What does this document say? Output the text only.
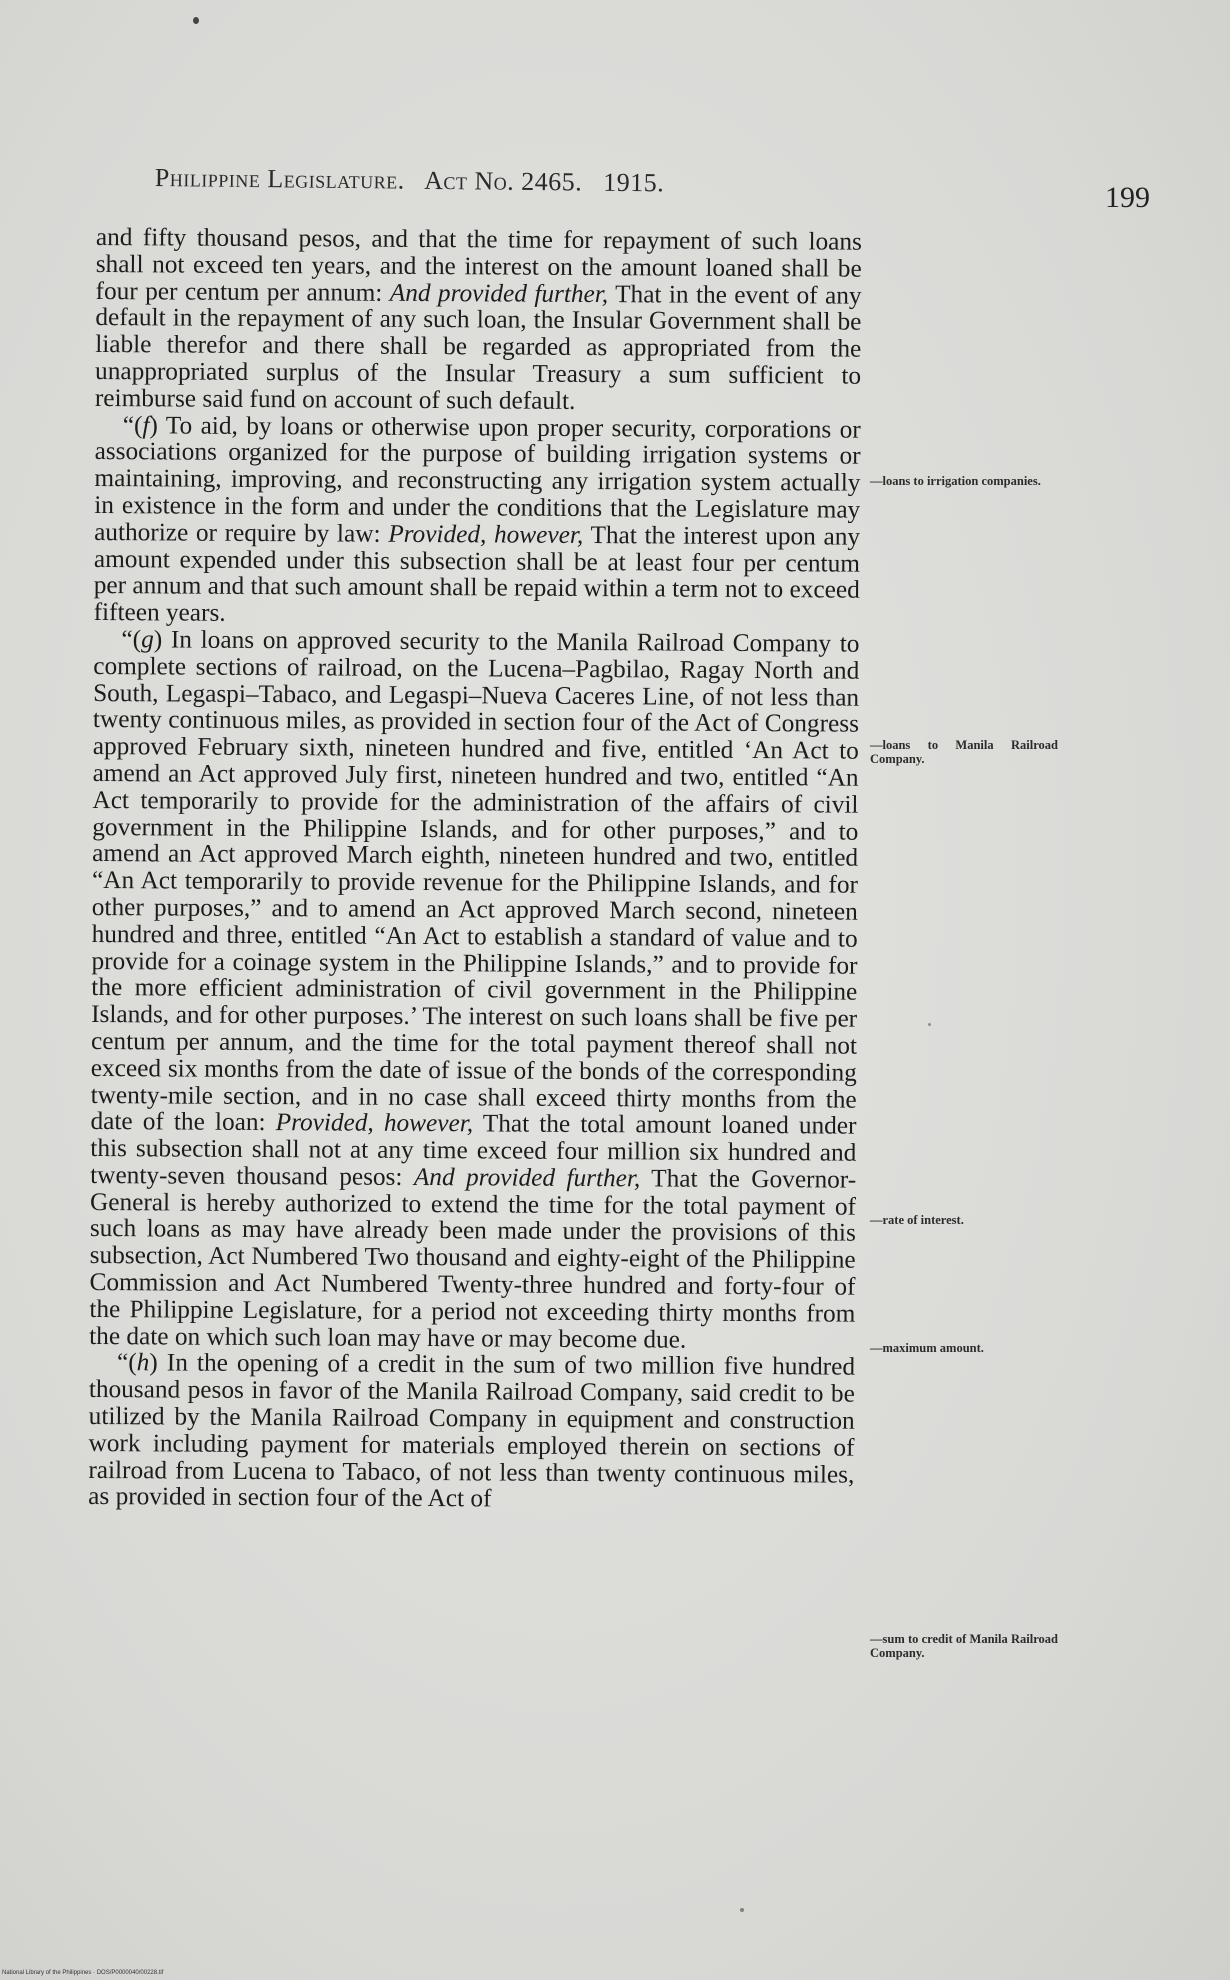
Philippine Legislature.   Act No. 2465.   1915.
199

and fifty thousand pesos, and that the time for repayment of such loans shall not exceed ten years, and the interest on the amount loaned shall be four per centum per annum: And provided further, That in the event of any default in the repayment of any such loan, the Insular Government shall be liable therefor and there shall be regarded as appropriated from the unappropriated surplus of the Insular Treasury a sum sufficient to reimburse said fund on account of such default.

“(f) To aid, by loans or otherwise upon proper security, corporations or associations organized for the purpose of building irrigation systems or maintaining, improving, and reconstructing any irrigation system actually in existence in the form and under the conditions that the Legislature may authorize or require by law: Provided, however, That the interest upon any amount expended under this subsection shall be at least four per centum per annum and that such amount shall be repaid within a term not to exceed fifteen years.

“(g) In loans on approved security to the Manila Railroad Company to complete sections of railroad, on the Lucena–Pagbilao, Ragay North and South, Legaspi–Tabaco, and Legaspi–Nueva Caceres Line, of not less than twenty continuous miles, as provided in section four of the Act of Congress approved February sixth, nineteen hundred and five, entitled ‘An Act to amend an Act approved July first, nineteen hundred and two, entitled “An Act temporarily to provide for the administration of the affairs of civil government in the Philippine Islands, and for other purposes,” and to amend an Act approved March eighth, nineteen hundred and two, entitled “An Act temporarily to provide revenue for the Philippine Islands, and for other purposes,” and to amend an Act approved March second, nineteen hundred and three, entitled “An Act to establish a standard of value and to provide for a coinage system in the Philippine Islands,” and to provide for the more efficient administration of civil government in the Philippine Islands, and for other purposes.’ The interest on such loans shall be five per centum per annum, and the time for the total payment thereof shall not exceed six months from the date of issue of the bonds of the corresponding twenty-mile section, and in no case shall exceed thirty months from the date of the loan: Provided, however, That the total amount loaned under this subsection shall not at any time exceed four million six hundred and twenty-seven thousand pesos: And provided further, That the Governor-General is hereby authorized to extend the time for the total payment of such loans as may have already been made under the provisions of this subsection, Act Numbered Two thousand and eighty-eight of the Philippine Commission and Act Numbered Twenty-three hundred and forty-four of the Philippine Legislature, for a period not exceeding thirty months from the date on which such loan may have or may become due.

“(h) In the opening of a credit in the sum of two million five hundred thousand pesos in favor of the Manila Railroad Company, said credit to be utilized by the Manila Railroad Company in equipment and construction work including payment for materials employed therein on sections of railroad from Lucena to Tabaco, of not less than twenty continuous miles, as provided in section four of the Act of

—loans to irrigation companies.
—loans to Manila Railroad Company.
—rate of interest.
—maximum amount.
—sum to credit of Manila Railroad Company.
National Library of the Philippines · DOS/P0000040/00228.tif
